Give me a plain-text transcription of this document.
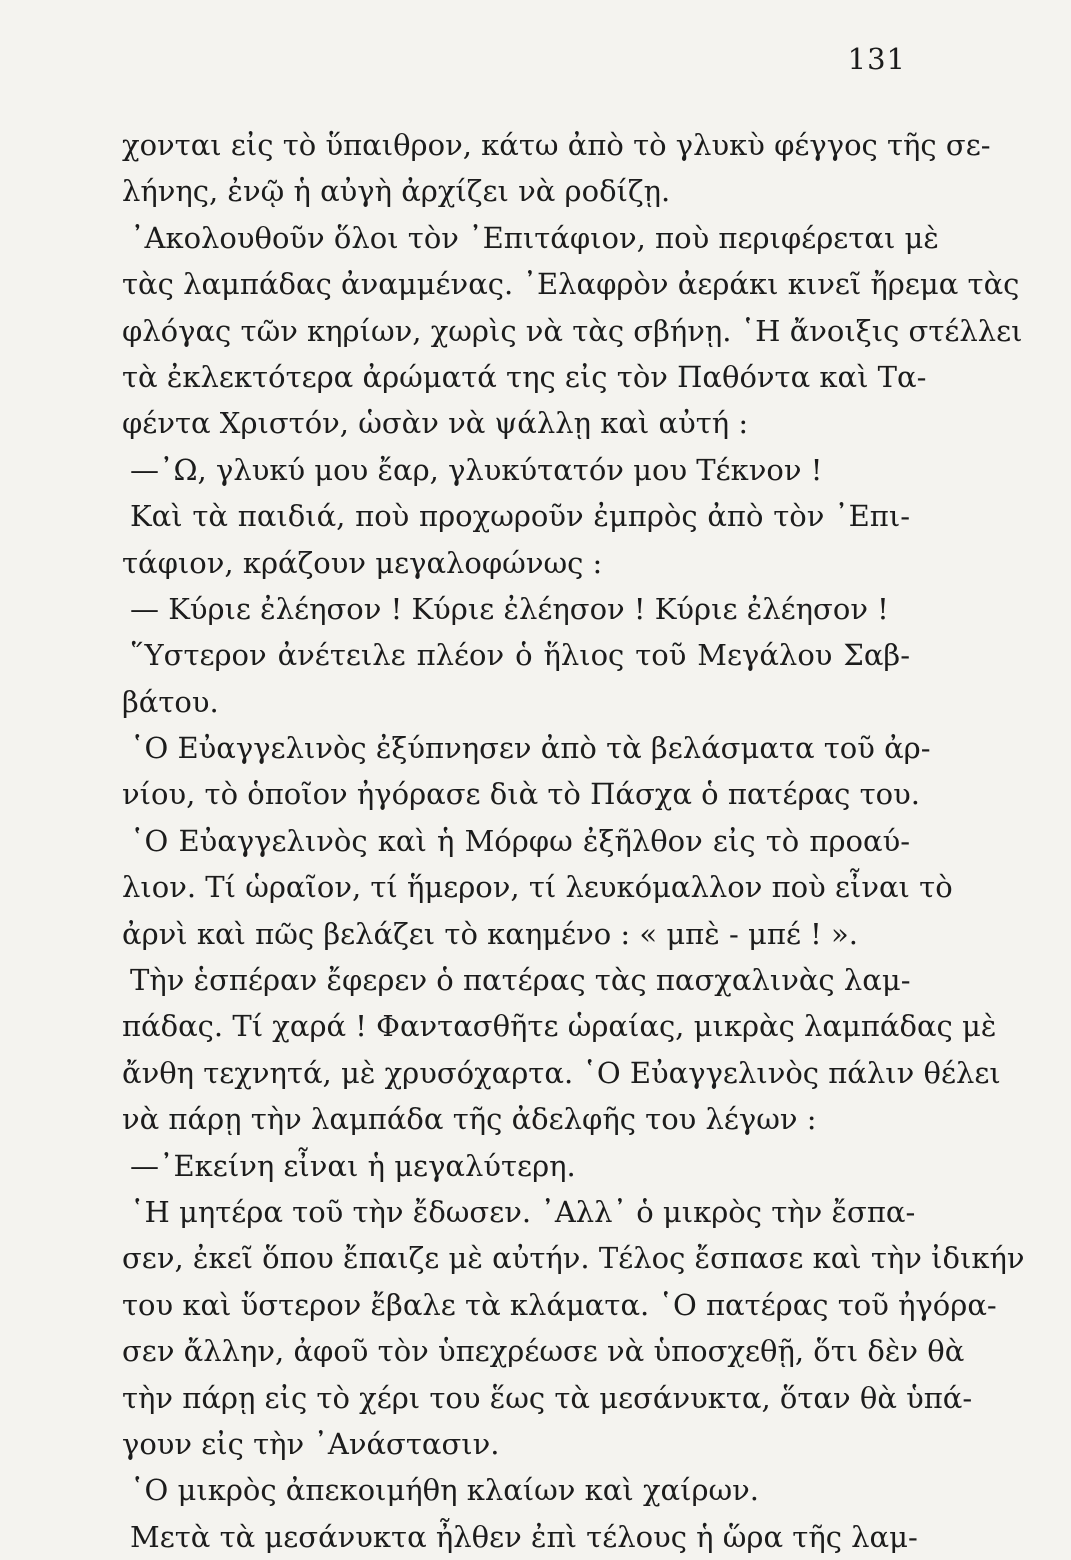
131
χονται εἰς τὸ ὕπαιθρον, κάτω ἀπὸ τὸ γλυκὺ φέγγος τῆς σε-
λήνης, ἐνῷ ἡ αὐγὴ ἀρχίζει νὰ ροδίζῃ.
᾿Ακολουθοῦν ὅλοι τὸν ᾿Επιτάφιον, ποὺ περιφέρεται μὲ
τὰς λαμπάδας ἀναμμένας. ᾿Ελαφρὸν ἀεράκι κινεῖ ἤρεμα τὰς
φλόγας τῶν κηρίων, χωρὶς νὰ τὰς σβήνῃ. ῾Η ἄνοιξις στέλλει
τὰ ἐκλεκτότερα ἀρώματά της εἰς τὸν Παθόντα καὶ Τα-
φέντα Χριστόν, ὡσὰν νὰ ψάλλῃ καὶ αὐτή :
—᾿Ω, γλυκύ μου ἔαρ, γλυκύτατόν μου Τέκνον !
Καὶ τὰ παιδιά, ποὺ προχωροῦν ἐμπρὸς ἀπὸ τὸν ᾿Επι-
τάφιον, κράζουν μεγαλοφώνως :
— Κύριε ἐλέησον ! Κύριε ἐλέησον ! Κύριε ἐλέησον !
῞Υστερον ἀνέτειλε πλέον ὁ ἥλιος τοῦ Μεγάλου Σαβ-
βάτου.
῾Ο Εὐαγγελινὸς ἐξύπνησεν ἀπὸ τὰ βελάσματα τοῦ ἀρ-
νίου, τὸ ὁποῖον ἠγόρασε διὰ τὸ Πάσχα ὁ πατέρας του.
῾Ο Εὐαγγελινὸς καὶ ἡ Μόρφω ἐξῆλθον εἰς τὸ προαύ-
λιον. Τί ὡραῖον, τί ἥμερον, τί λευκόμαλλον ποὺ εἶναι τὸ
ἀρνὶ καὶ πῶς βελάζει τὸ καημένο : « μπὲ - μπέ ! ».
Τὴν ἑσπέραν ἔφερεν ὁ πατέρας τὰς πασχαλινὰς λαμ-
πάδας. Τί χαρά ! Φαντασθῆτε ὡραίας, μικρὰς λαμπάδας μὲ
ἄνθη τεχνητά, μὲ χρυσόχαρτα. ῾Ο Εὐαγγελινὸς πάλιν θέλει
νὰ πάρῃ τὴν λαμπάδα τῆς ἀδελφῆς του λέγων :
—᾿Εκείνη εἶναι ἡ μεγαλύτερη.
῾Η μητέρα τοῦ τὴν ἔδωσεν. ᾿Αλλ᾿ ὁ μικρὸς τὴν ἔσπα-
σεν, ἐκεῖ ὅπου ἔπαιζε μὲ αὐτήν. Τέλος ἔσπασε καὶ τὴν ἰδικήν
του καὶ ὕστερον ἔβαλε τὰ κλάματα. ῾Ο πατέρας τοῦ ἠγόρα-
σεν ἄλλην, ἀφοῦ τὸν ὑπεχρέωσε νὰ ὑποσχεθῇ, ὅτι δὲν θὰ
τὴν πάρῃ εἰς τὸ χέρι του ἕως τὰ μεσάνυκτα, ὅταν θὰ ὑπά-
γουν εἰς τὴν ᾿Ανάστασιν.
῾Ο μικρὸς ἀπεκοιμήθη κλαίων καὶ χαίρων.
Μετὰ τὰ μεσάνυκτα ἦλθεν ἐπὶ τέλους ἡ ὥρα τῆς λαμ-
